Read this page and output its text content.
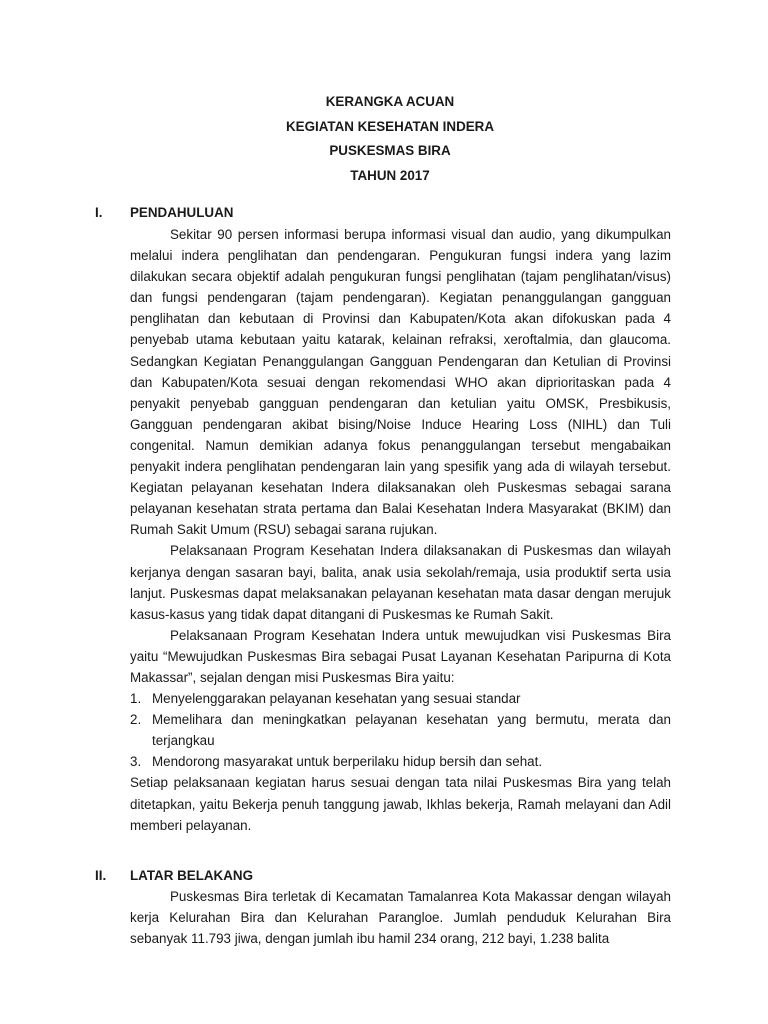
KERANGKA ACUAN
KEGIATAN KESEHATAN INDERA
PUSKESMAS BIRA
TAHUN 2017
I. PENDAHULUAN

Sekitar 90 persen informasi berupa informasi visual dan audio, yang dikumpulkan melalui indera penglihatan dan pendengaran. Pengukuran fungsi indera yang lazim dilakukan secara objektif adalah pengukuran fungsi penglihatan (tajam penglihatan/visus) dan fungsi pendengaran (tajam pendengaran). Kegiatan penanggulangan gangguan penglihatan dan kebutaan di Provinsi dan Kabupaten/Kota akan difokuskan pada 4 penyebab utama kebutaan yaitu katarak, kelainan refraksi, xeroftalmia, dan glaucoma. Sedangkan Kegiatan Penanggulangan Gangguan Pendengaran dan Ketulian di Provinsi dan Kabupaten/Kota sesuai dengan rekomendasi WHO akan diprioritaskan pada 4 penyakit penyebab gangguan pendengaran dan ketulian yaitu OMSK, Presbikusis, Gangguan pendengaran akibat bising/Noise Induce Hearing Loss (NIHL) dan Tuli congenital. Namun demikian adanya fokus penanggulangan tersebut mengabaikan penyakit indera penglihatan pendengaran lain yang spesifik yang ada di wilayah tersebut. Kegiatan pelayanan kesehatan Indera dilaksanakan oleh Puskesmas sebagai sarana pelayanan kesehatan strata pertama dan Balai Kesehatan Indera Masyarakat (BKIM) dan Rumah Sakit Umum (RSU) sebagai sarana rujukan.

Pelaksanaan Program Kesehatan Indera dilaksanakan di Puskesmas dan wilayah kerjanya dengan sasaran bayi, balita, anak usia sekolah/remaja, usia produktif serta usia lanjut. Puskesmas dapat melaksanakan pelayanan kesehatan mata dasar dengan merujuk kasus-kasus yang tidak dapat ditangani di Puskesmas ke Rumah Sakit.

Pelaksanaan Program Kesehatan Indera untuk mewujudkan visi Puskesmas Bira yaitu “Mewujudkan Puskesmas Bira sebagai Pusat Layanan Kesehatan Paripurna di Kota Makassar”, sejalan dengan misi Puskesmas Bira yaitu:

1. Menyelenggarakan pelayanan kesehatan yang sesuai standar
2. Memelihara dan meningkatkan pelayanan kesehatan yang bermutu, merata dan terjangkau
3. Mendorong masyarakat untuk berperilaku hidup bersih dan sehat.

Setiap pelaksanaan kegiatan harus sesuai dengan tata nilai Puskesmas Bira yang telah ditetapkan, yaitu Bekerja penuh tanggung jawab, Ikhlas bekerja, Ramah melayani dan Adil memberi pelayanan.

II. LATAR BELAKANG

Puskesmas Bira terletak di Kecamatan Tamalanrea Kota Makassar dengan wilayah kerja Kelurahan Bira dan Kelurahan Parangloe. Jumlah penduduk Kelurahan Bira sebanyak 11.793 jiwa, dengan jumlah ibu hamil 234 orang, 212 bayi, 1.238 balita
